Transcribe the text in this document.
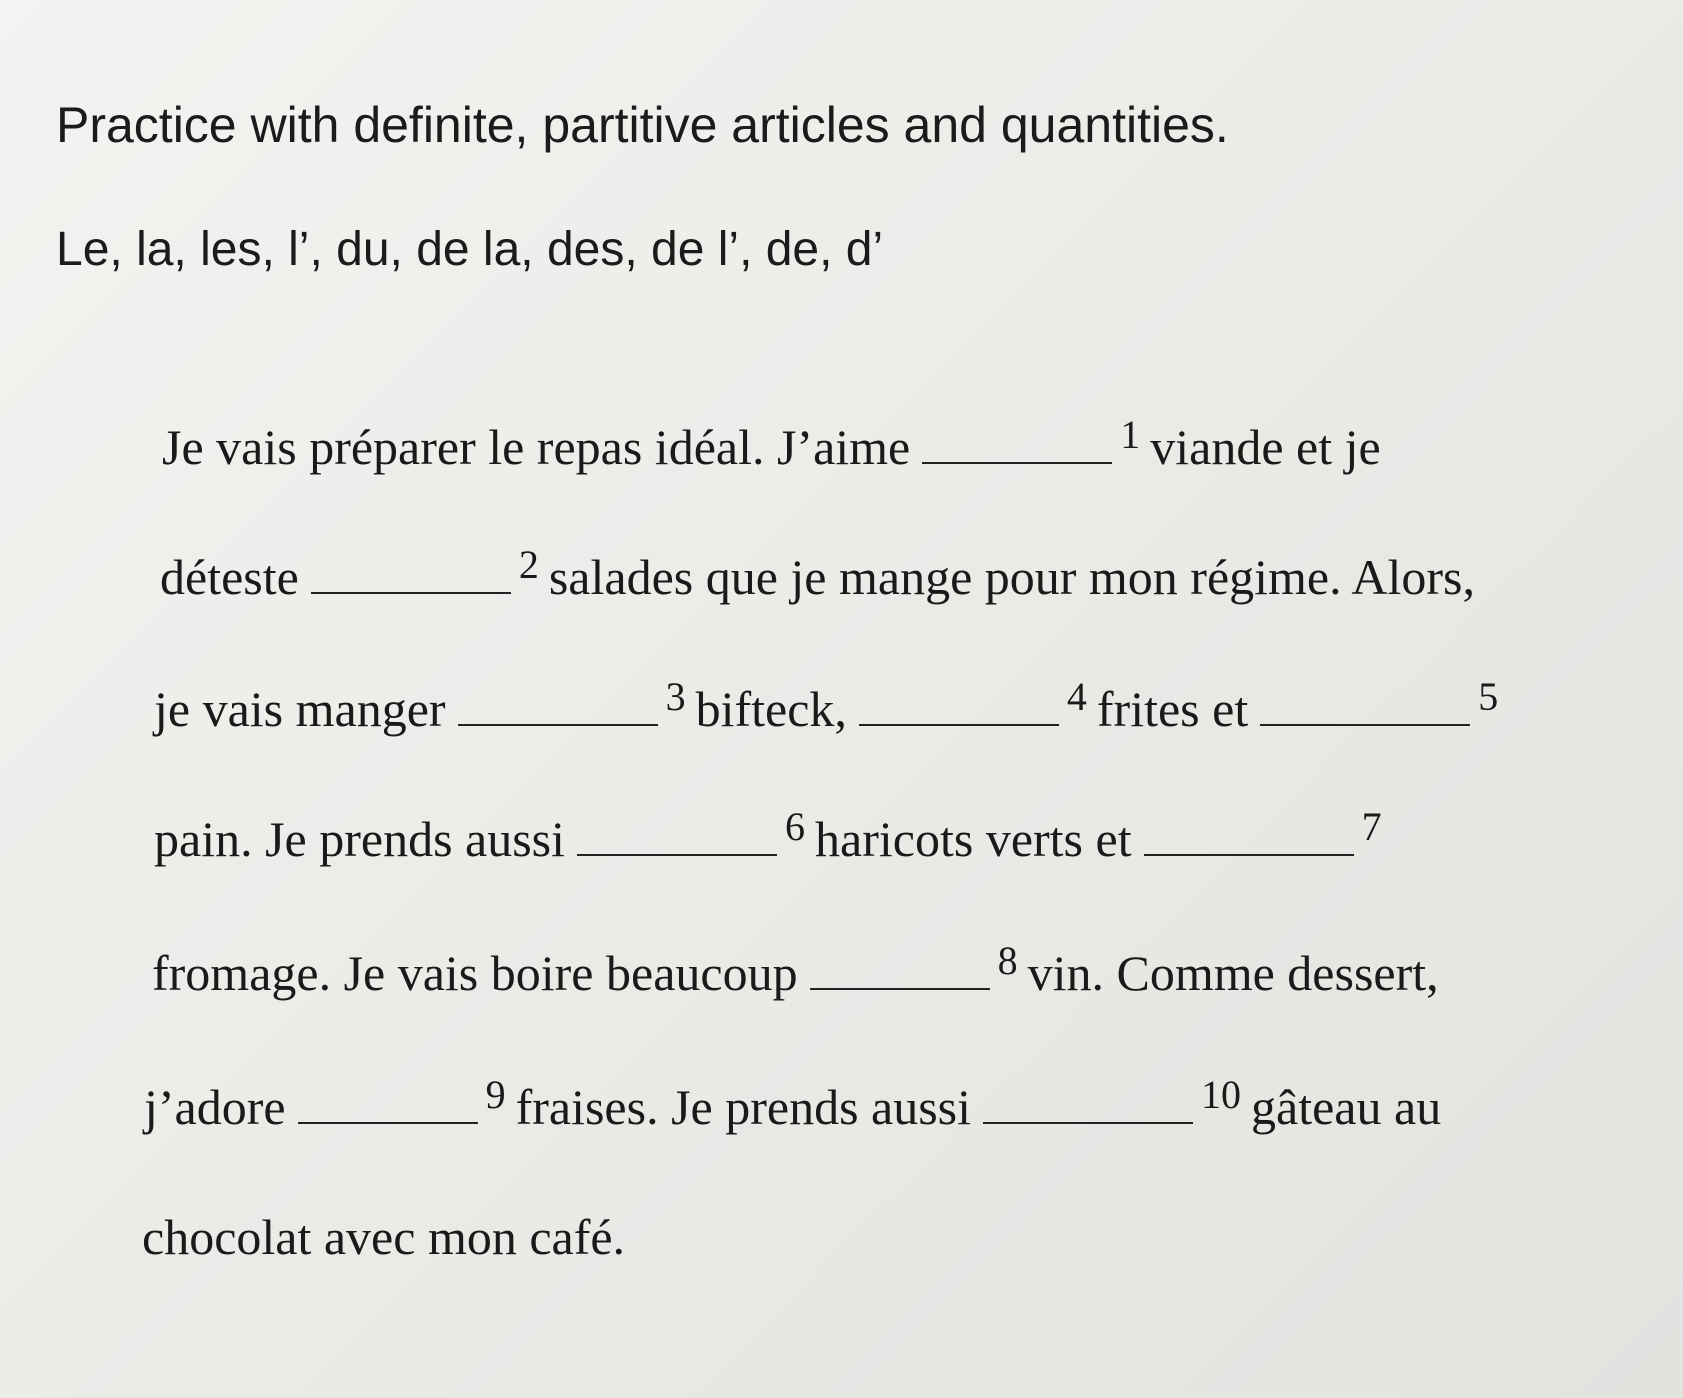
Practice with definite, partitive articles and quantities.
Le, la, les, l’, du, de la, des, de l’, de, d’
Je vais préparer le repas idéal. J’aime	1 viande et je
déteste	2 salades que je mange pour mon régime. Alors,
je vais manger	3 bifteck,	4 frites et	5
pain. Je prends aussi	6 haricots verts et	7
fromage. Je vais boire beaucoup	8 vin. Comme dessert,
j’adore	9 fraises. Je prends aussi	10 gâteau au
chocolat avec mon café.
